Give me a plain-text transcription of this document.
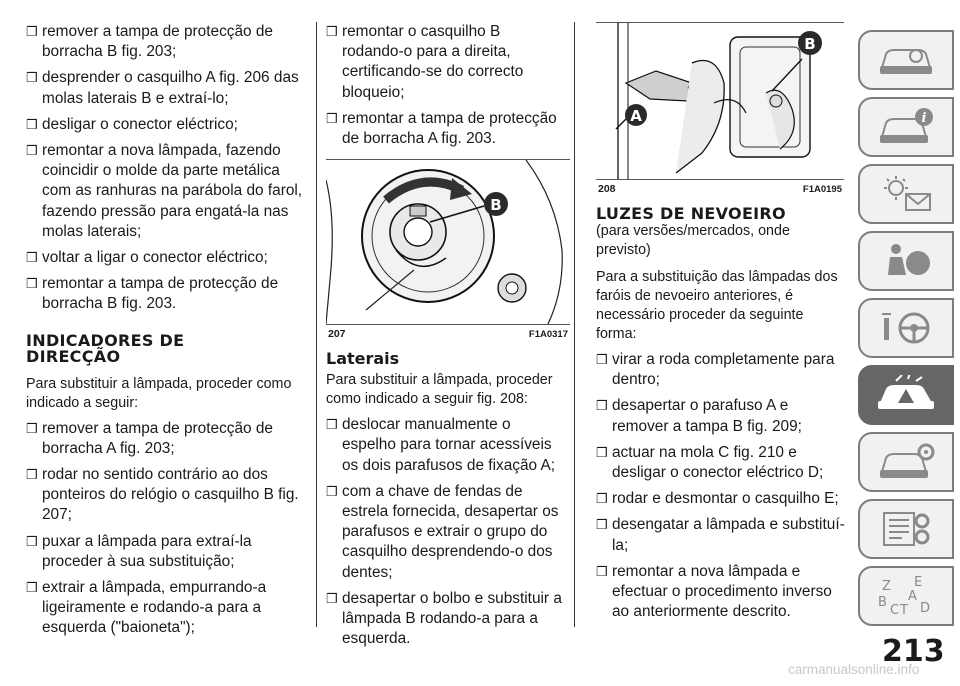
❒ remover a tampa de protecção de borracha B fig. 203;

❒ desprender o casquilho A fig. 206 das molas laterais B e extraí-lo;

❒ desligar o conector eléctrico;

❒ remontar a nova lâmpada, fazendo coincidir o molde da parte metálica com as ranhuras na parábola do farol, fazendo pressão para engatá-la nas molas laterais;

❒ voltar a ligar o conector eléctrico;

❒ remontar a tampa de protecção de borracha B fig. 203.

INDICADORES DE
DIRECÇÃO

Para substituir a lâmpada, proceder como indicado a seguir:

❒ remover a tampa de protecção de borracha A fig. 203;

❒ rodar no sentido contrário ao dos ponteiros do relógio o casquilho B fig. 207;

❒ puxar a lâmpada para extraí-la proceder à sua substituição;

❒ extrair a lâmpada, empurrando-a ligeiramente e rodando-a para a esquerda ("baioneta");

❒ remontar o casquilho B rodando-o para a direita, certificando-se do correcto bloqueio;

❒ remontar a tampa de protecção de borracha A fig. 203.

B
207	F1A0317
Laterais

Para substituir a lâmpada, proceder como indicado a seguir fig. 208:

❒ deslocar manualmente o espelho para tornar acessíveis os dois parafusos de fixação A;

❒ com a chave de fendas de estrela fornecida, desapertar os parafusos e extrair o grupo do casquilho desprendendo-o dos dentes;

❒ desapertar o bolbo e substituir a lâmpada B rodando-a para a esquerda.

A
B
208	F1A0195
LUZES DE NEVOEIRO

(para versões/mercados, onde previsto)

Para a substituição das lâmpadas dos faróis de nevoeiro anteriores, é necessário proceder da seguinte forma:

❒ virar a roda completamente para dentro;

❒ desapertar o parafuso A e remover a tampa B fig. 209;

❒ actuar na mola C fig. 210 e desligar o conector eléctrico D;

❒ rodar e desmontar o casquilho E;

❒ desengatar a lâmpada e substituí-la;

❒ remontar a nova lâmpada e efectuar o procedimento inverso ao anteriormente descrito.

i
Z E
A
B
C T D
213
carmanualsonline.info
